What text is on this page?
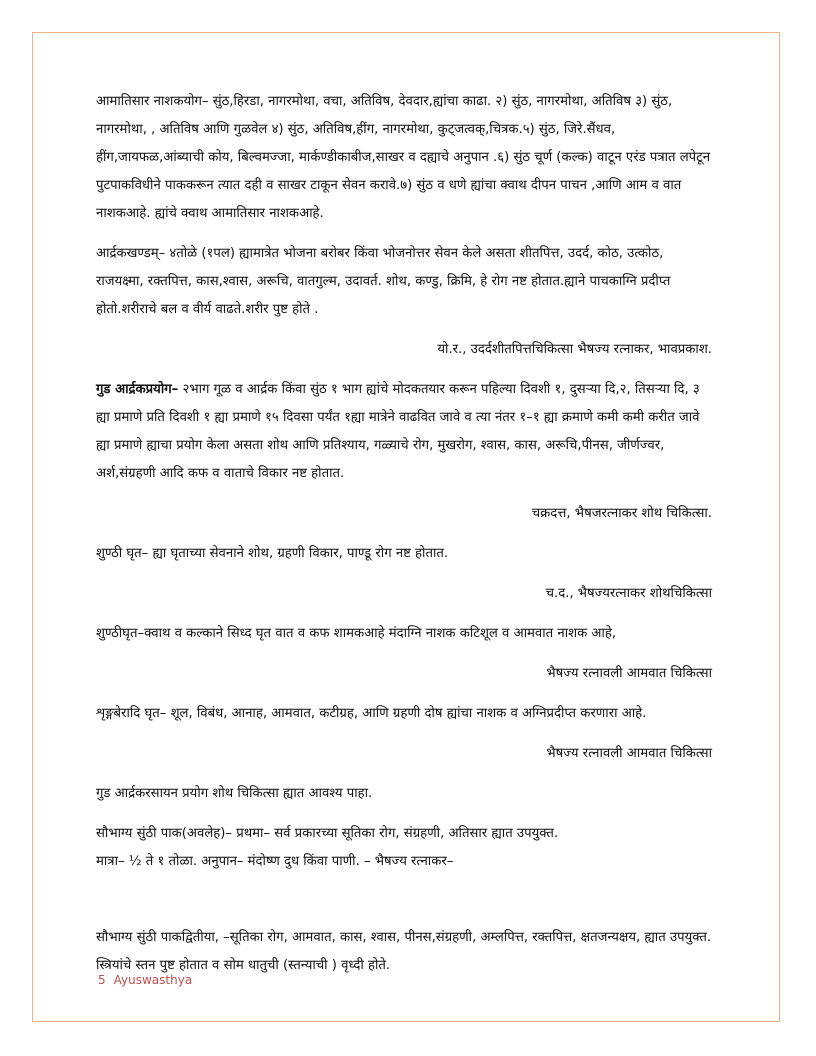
आमातिसार नाशकयोग– सुंठ,हिरडा, नागरमोथा, वचा, अतिविष, देवदार,ह्यांचा काढा. २) सुंठ, नागरमोथा, अतिविष ३) सुंठ, नागरमोथा, , अतिविष आणि गुळवेल ४) सुंठ, अतिविष,हींग, नागरमोथा, कुट्जत्वक्,चित्रक.५) सुंठ, जिरे.सैंधव, हींग,जायफळ,आंब्याची कोय, बिल्वमज्जा, मार्कण्डीकाबीज,साखर व दह्याचे अनुपान .६) सुंठ चूर्ण (कल्क) वाटून एरंड पत्रात लपेटून पुटपाकविधीने पाककरून त्यात दही व साखर टाकून सेवन करावे.७) सुंठ व धणे ह्यांचा क्वाथ दीपन पाचन ,आणि आम व वात नाशकआहे. ह्यांचे क्वाथ आमातिसार नाशकआहे.

आर्द्रकखण्डम्– ४तोळे (१पल) ह्यामात्रेत भोजना बरोबर किंवा भोजनोत्तर सेवन केले असता शीतपित्त, उदर्द, कोठ, उत्कोठ, राजयक्ष्मा, रक्तपित्त, कास,श्वास, अरूचि, वातगुल्म, उदावर्त. शोथ, कण्डु, क्रिमि, हे रोग नष्ट होतात.ह्याने पाचकाग्नि प्रदीप्त होतो.शरीराचे बल व वीर्य वाढते.शरीर पुष्ट होते .

यो.र., उदर्दशीतपित्तचिकित्सा भैषज्य रत्नाकर, भावप्रकाश.

गुड आर्द्रकप्रयोग– २भाग गूळ व आर्द्रक किंवा सुंठ १ भाग ह्यांचे मोदकतयार करून पहिल्या दिवशी १, दुसऱ्या दि,२, तिसऱ्या दि, ३ ह्या प्रमाणे प्रति दिवशी १ ह्या प्रमाणे १५ दिवसा पर्यंत १ह्या मात्रेने वाढवित जावे व त्या नंतर १–१ ह्या क्रमाणे कमी कमी करीत जावे ह्या प्रमाणे ह्याचा प्रयोग केला असता शोथ आणि प्रतिश्याय, गळ्याचे रोग, मुखरोग, श्वास, कास, अरूचि,पीनस, जीर्णज्वर, अर्श,संग्रहणी आदि कफ व वाताचे विकार नष्ट होतात.

चक्रदत्त, भैषजरत्नाकर शोथ चिकित्सा.

शुण्ठी घृत– ह्या घृताच्या सेवनाने शोथ, ग्रहणी विकार, पाण्डू रोग नष्ट होतात.

च.द., भैषज्यरत्नाकर शोथचिकित्सा

शुण्ठीघृत–क्वाथ व कल्काने सिध्द घृत वात व कफ शामकआहे मंदाग्नि नाशक कटिशूल व आमवात नाशक आहे,

भैषज्य रत्नावली आमवात चिकित्सा

शृङ्गबेरादि घृत– शूल, विबंध, आनाह, आमवात, कटीग्रह, आणि ग्रहणी दोष ह्यांचा नाशक व अग्निप्रदीप्त करणारा आहे.

भैषज्य रत्नावली आमवात चिकित्सा

गुड आर्द्रकरसायन प्रयोग शोथ चिकित्सा ह्यात आवश्य पाहा.

सौभाग्य सुंठी पाक(अवलेह)– प्रथमा– सर्व प्रकारच्या सूतिका रोग, संग्रहणी, अतिसार ह्यात उपयुक्त.

मात्रा– ½ ते १ तोळा. अनुपान– मंदोष्ण दुध किंवा पाणी. – भैषज्य रत्नाकर–

सौभाग्य सुंठी पाकद्वितीया, –सूतिका रोग, आमवात, कास, श्वास, पीनस,संग्रहणी, अम्लपित्त, रक्तपित्त, क्षतजन्यक्षय, ह्यात उपयुक्त. स्त्रियांचे स्तन पुष्ट होतात व सोम धातुची (स्तन्याची ) वृध्दी होते.

5 Ayuswasthya
